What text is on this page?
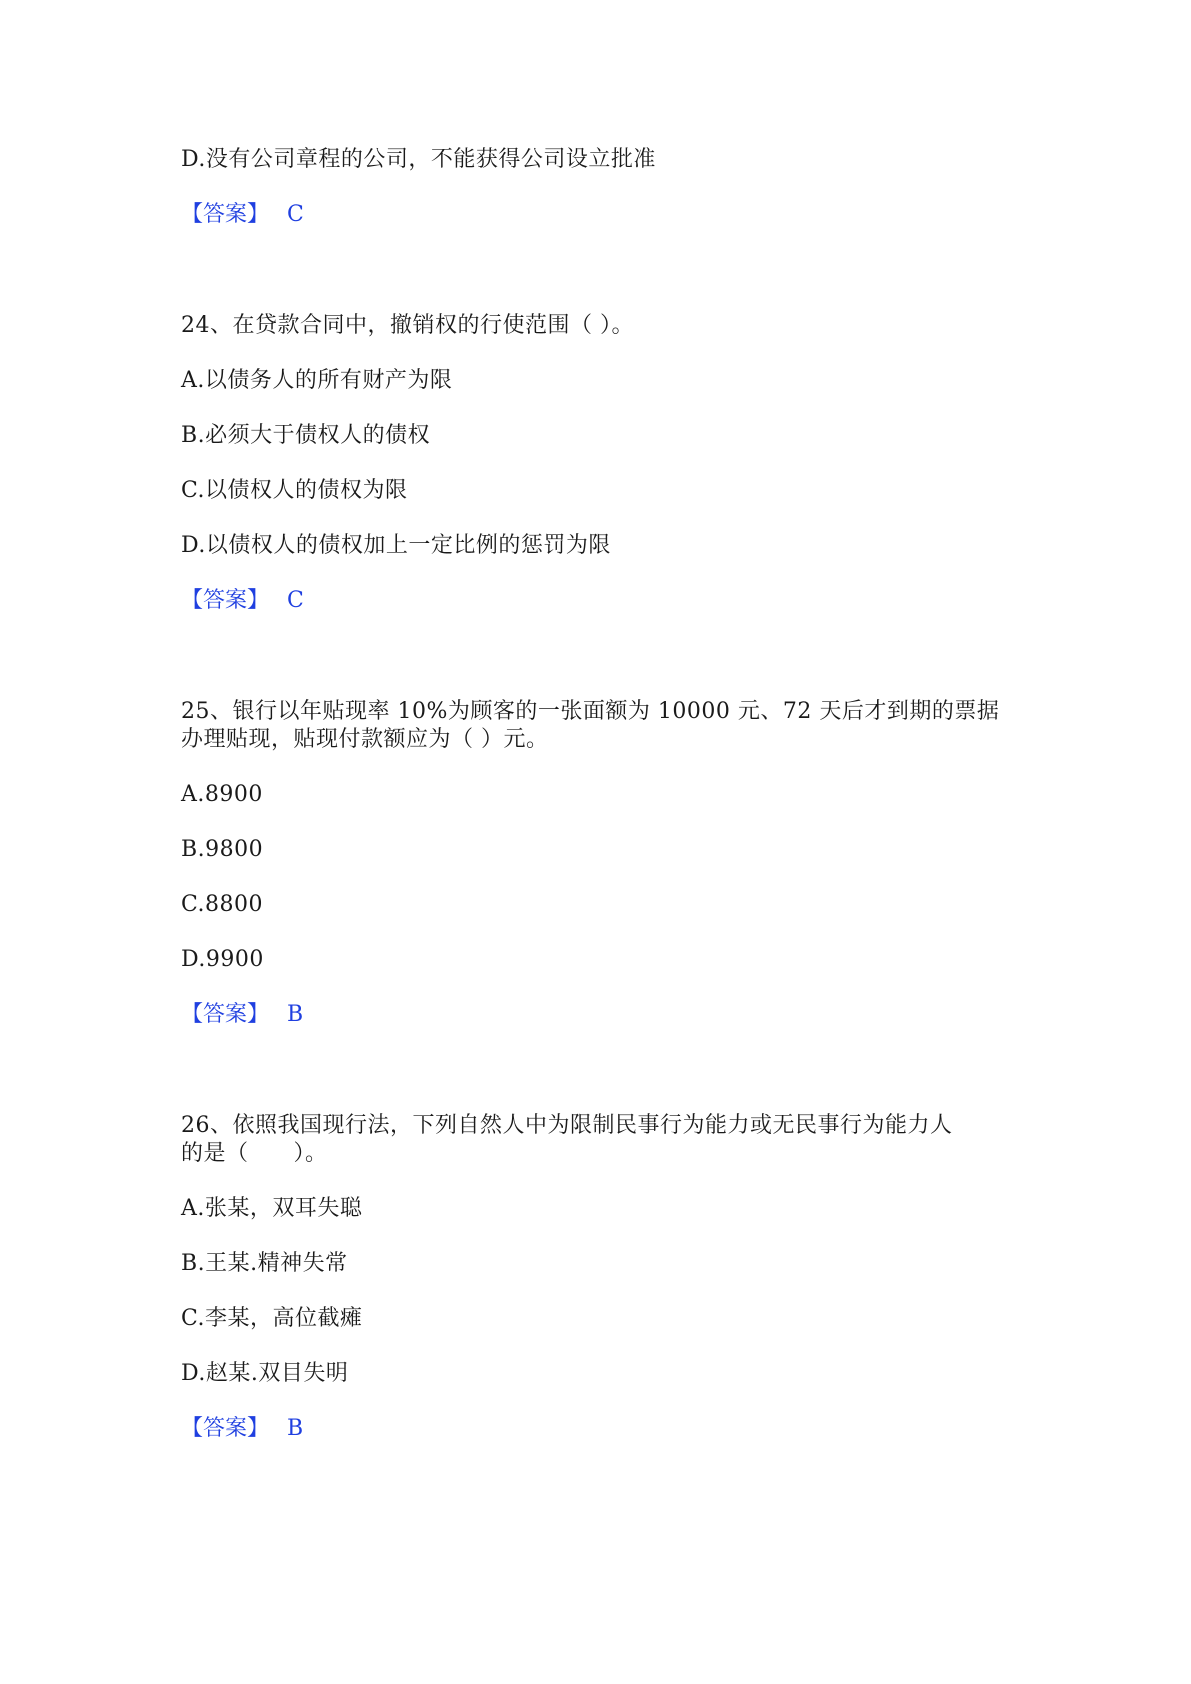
D.没有公司章程的公司，不能获得公司设立批准
【答案】 C
24、在贷款合同中，撤销权的行使范围（ ）。
A.以债务人的所有财产为限
B.必须大于债权人的债权
C.以债权人的债权为限
D.以债权人的债权加上一定比例的惩罚为限
【答案】 C
25、银行以年贴现率 10%为顾客的一张面额为 10000 元、72 天后才到期的票据
办理贴现，贴现付款额应为（ ）元。
A.8900
B.9800
C.8800
D.9900
【答案】 B
26、依照我国现行法，下列自然人中为限制民事行为能力或无民事行为能力人
的是（　　）。
A.张某，双耳失聪
B.王某.精神失常
C.李某，高位截瘫
D.赵某.双目失明
【答案】 B
